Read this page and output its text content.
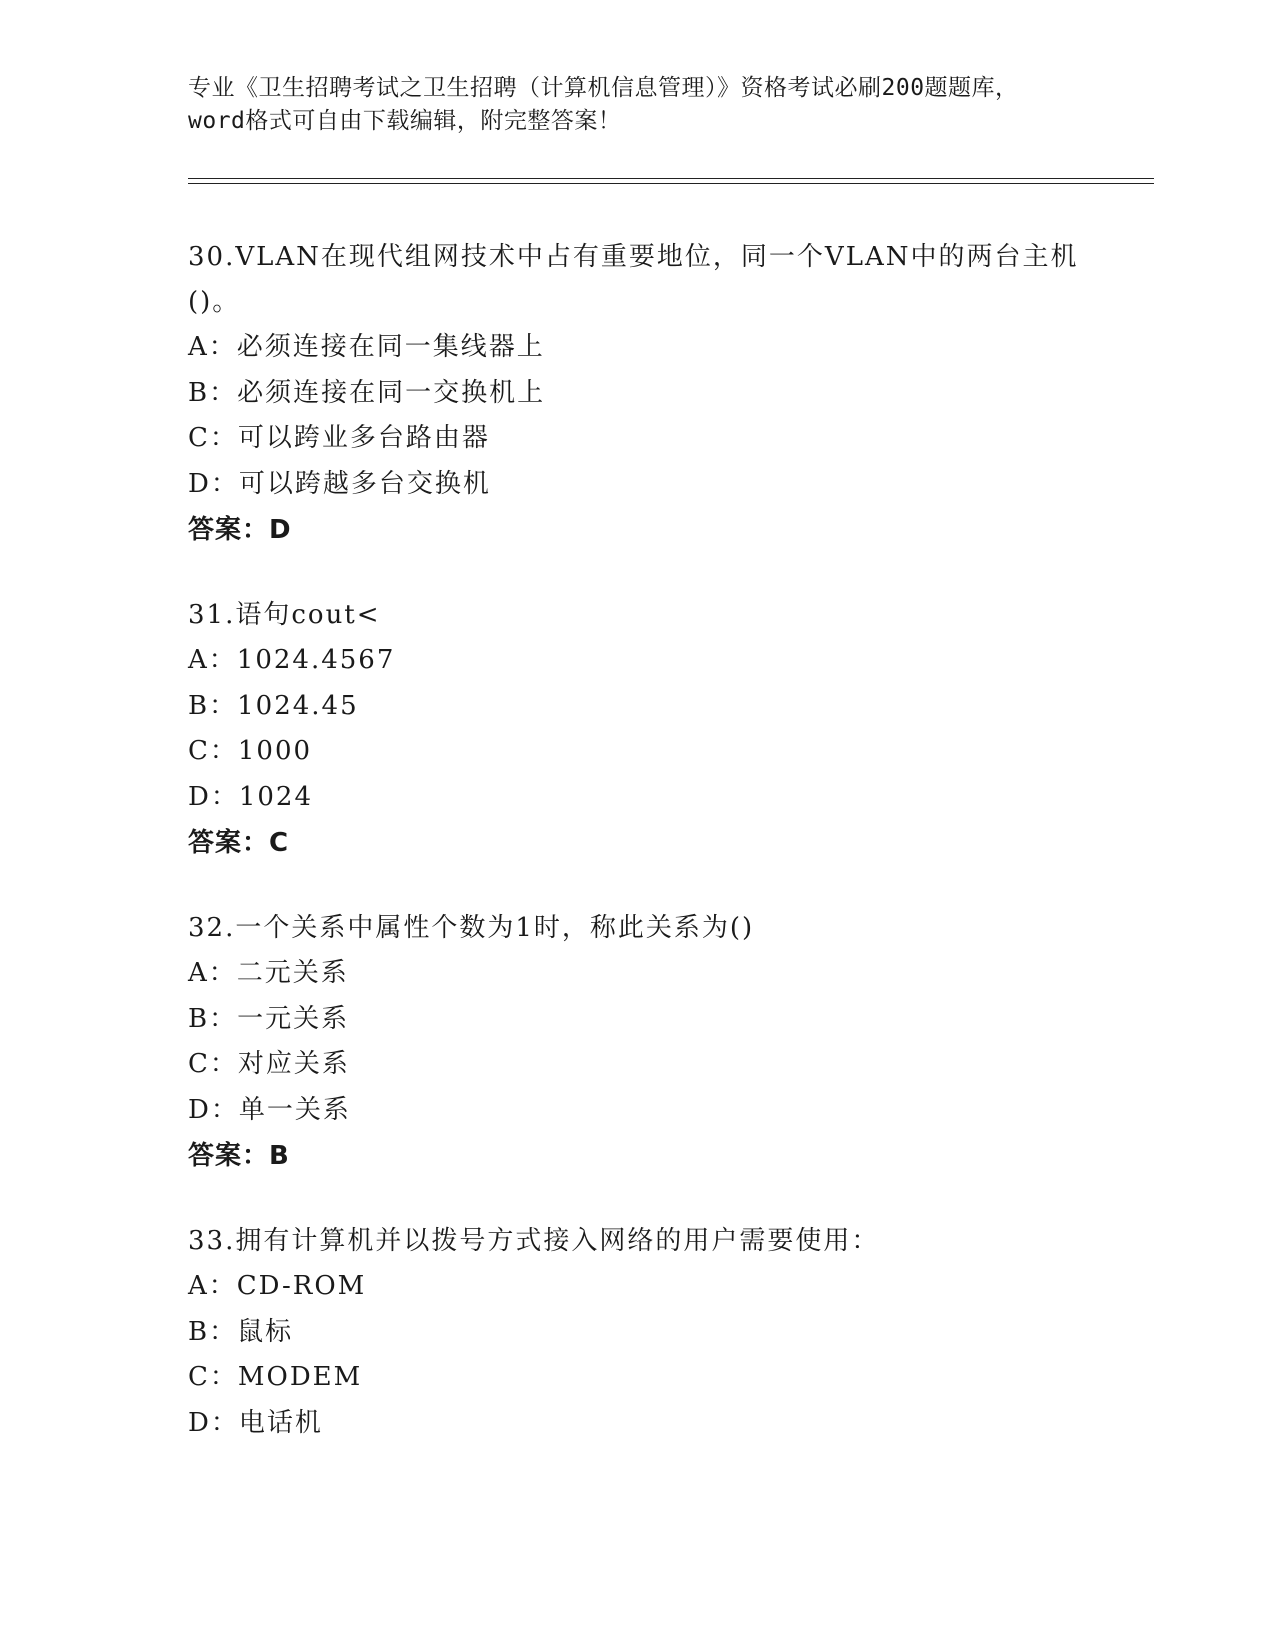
专业《卫生招聘考试之卫生招聘（计算机信息管理）》资格考试必刷200题题库，

word格式可自由下载编辑，附完整答案！

30.VLAN在现代组网技术中占有重要地位，同一个VLAN中的两台主机

()。

A：必须连接在同一集线器上

B：必须连接在同一交换机上

C：可以跨业多台路由器

D：可以跨越多台交换机

答案：D

31.语句cout<

A：1024.4567

B：1024.45

C：1000

D：1024

答案：C

32.一个关系中属性个数为1时，称此关系为()

A：二元关系

B：一元关系

C：对应关系

D：单一关系

答案：B

33.拥有计算机并以拨号方式接入网络的用户需要使用：

A：CD-ROM

B：鼠标

C：MODEM

D：电话机
